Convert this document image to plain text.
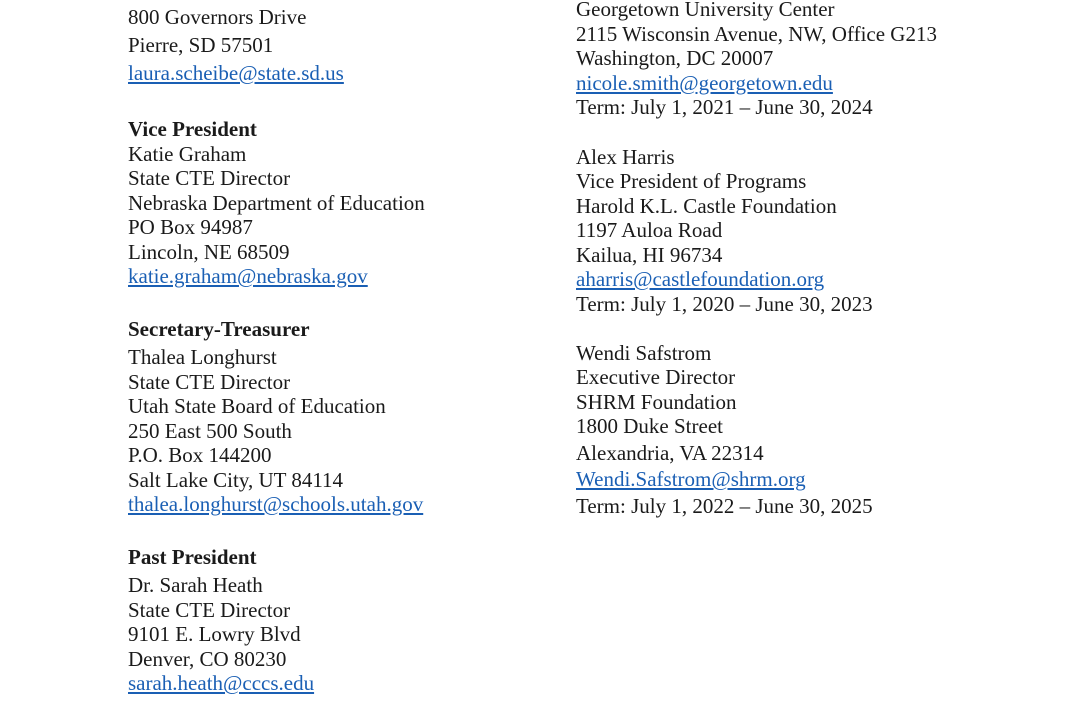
800 Governors Drive
Pierre, SD 57501
laura.scheibe@state.sd.us
Vice President
Katie Graham
State CTE Director
Nebraska Department of Education
PO Box 94987
Lincoln, NE 68509
katie.graham@nebraska.gov
Secretary-Treasurer
Thalea Longhurst
State CTE Director
Utah State Board of Education
250 East 500 South
P.O. Box 144200
Salt Lake City, UT 84114
thalea.longhurst@schools.utah.gov
Past President
Dr. Sarah Heath
State CTE Director
9101 E. Lowry Blvd
Denver, CO 80230
sarah.heath@cccs.edu
Georgetown University Center
2115 Wisconsin Avenue, NW, Office G213
Washington, DC 20007
nicole.smith@georgetown.edu
Term: July 1, 2021 – June 30, 2024
Alex Harris
Vice President of Programs
Harold K.L. Castle Foundation
1197 Auloa Road
Kailua, HI 96734
aharris@castlefoundation.org
Term: July 1, 2020 – June 30, 2023
Wendi Safstrom
Executive Director
SHRM Foundation
1800 Duke Street
Alexandria, VA 22314
Wendi.Safstrom@shrm.org
Term: July 1, 2022 – June 30, 2025
